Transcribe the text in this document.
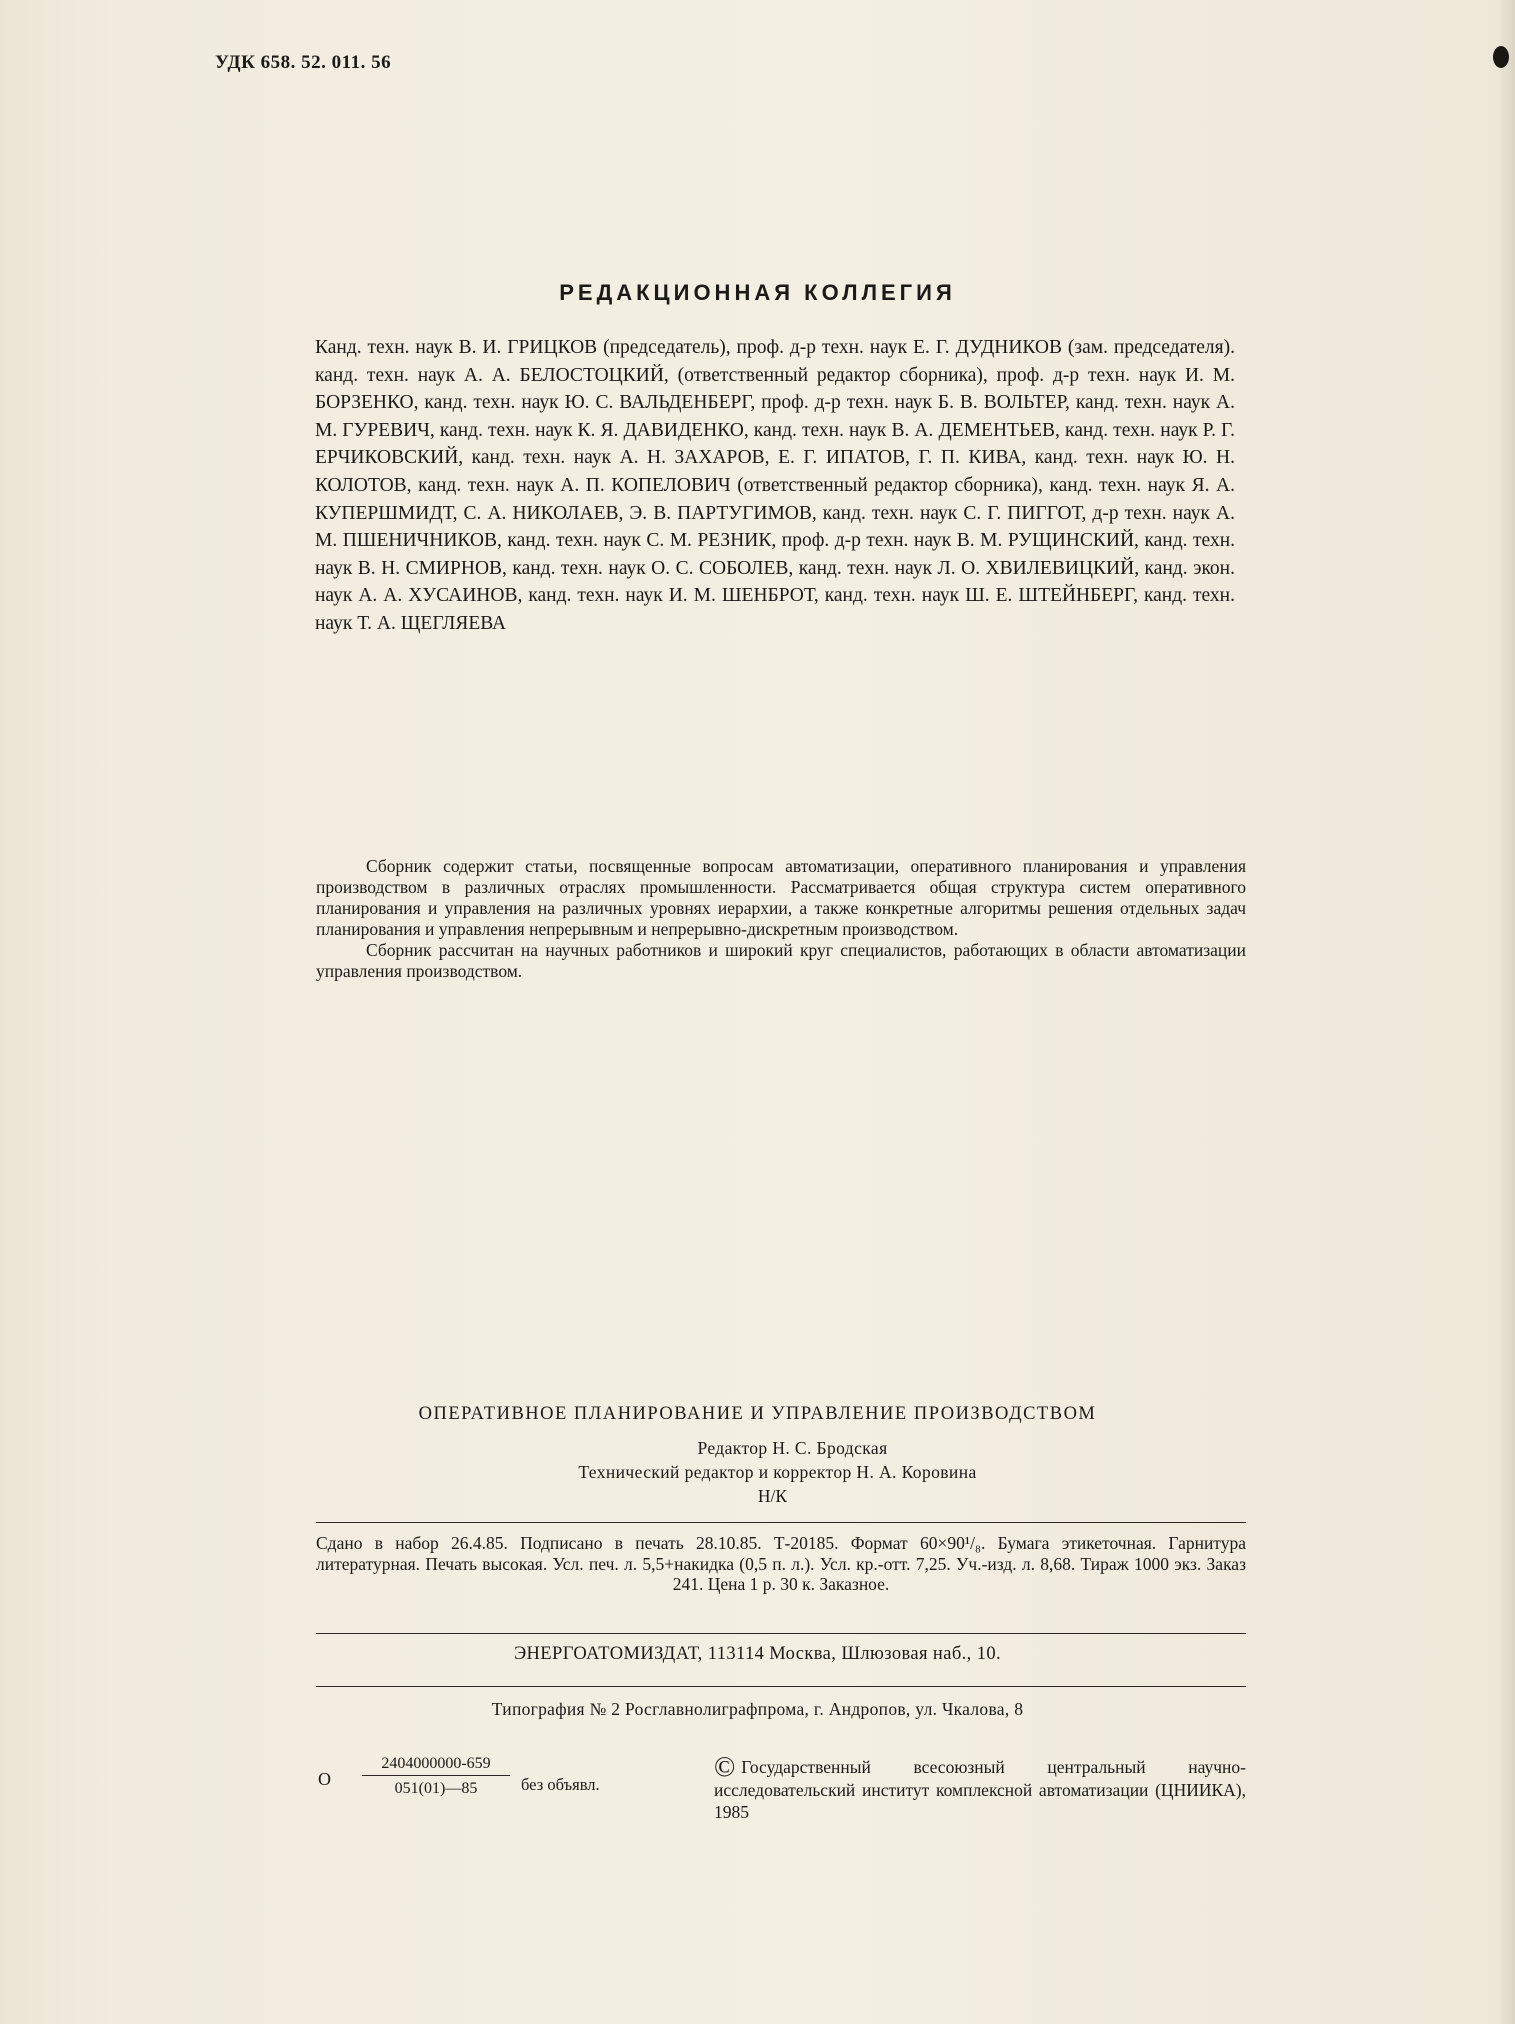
УДК 658. 52. 011. 56
РЕДАКЦИОННАЯ КОЛЛЕГИЯ

Канд. техн. наук В. И. ГРИЦКОВ (председатель), проф. д-р техн. наук Е. Г. ДУДНИКОВ (зам. председателя). канд. техн. наук А. А. БЕЛОСТОЦКИЙ, (ответственный редактор сборника), проф. д-р техн. наук И. М. БОРЗЕНКО, канд. техн. наук Ю. С. ВАЛЬДЕНБЕРГ, проф. д-р техн. наук Б. В. ВОЛЬТЕР, канд. техн. наук А. М. ГУРЕВИЧ, канд. техн. наук К. Я. ДАВИДЕНКО, канд. техн. наук В. А. ДЕМЕНТЬЕВ, канд. техн. наук Р. Г. ЕРЧИКОВСКИЙ, канд. техн. наук А. Н. ЗАХАРОВ, Е. Г. ИПАТОВ, Г. П. КИВА, канд. техн. наук Ю. Н. КОЛОТОВ, канд. техн. наук А. П. КОПЕЛОВИЧ (ответственный редактор сборника), канд. техн. наук Я. А. КУПЕРШМИДТ, С. А. НИКОЛАЕВ, Э. В. ПАРТУГИМОВ, канд. техн. наук С. Г. ПИГГОТ, д-р техн. наук А. М. ПШЕНИЧНИКОВ, канд. техн. наук С. М. РЕЗНИК, проф. д-р техн. наук В. М. РУЩИНСКИЙ, канд. техн. наук В. Н. СМИРНОВ, канд. техн. наук О. С. СОБОЛЕВ, канд. техн. наук Л. О. ХВИЛЕВИЦКИЙ, канд. экон. наук А. А. ХУСАИНОВ, канд. техн. наук И. М. ШЕНБРОТ, канд. техн. наук Ш. Е. ШТЕЙНБЕРГ, канд. техн. наук Т. А. ЩЕГЛЯЕВА

Сборник содержит статьи, посвященные вопросам автоматизации, оперативного планирования и управления производством в различных отраслях промышленности. Рассматривается общая структура систем оперативного планирования и управления на различных уровнях иерархии, а также конкретные алгоритмы решения отдельных задач планирования и управления непрерывным и непрерывно-дискретным производством.

Сборник рассчитан на научных работников и широкий круг специалистов, работающих в области автоматизации управления производством.

ОПЕРАТИВНОЕ ПЛАНИРОВАНИЕ И УПРАВЛЕНИЕ ПРОИЗВОДСТВОМ
Редактор Н. С. Бродская
Технический редактор и корректор Н. А. Коровина
Н/К
Сдано в набор 26.4.85. Подписано в печать 28.10.85. Т-20185. Формат 60×90¹/₈. Бумага этикеточная. Гарнитура литературная. Печать высокая. Усл. печ. л. 5,5+накидка (0,5 п. л.). Усл. кр.-отт. 7,25. Уч.-изд. л. 8,68. Тираж 1000 экз. Заказ 241. Цена 1 р. 30 к. Заказное.
ЭНЕРГОАТОМИЗДАТ, 113114 Москва, Шлюзовая наб., 10.
Типография № 2 Росглавнолиграфпрома, г. Андропов, ул. Чкалова, 8
О $\frac{2404000000-659}{051(01)—85}$ без объявл.
© Государственный всесоюзный центральный научно-исследовательский институт комплексной автоматизации (ЦНИИКА), 1985
